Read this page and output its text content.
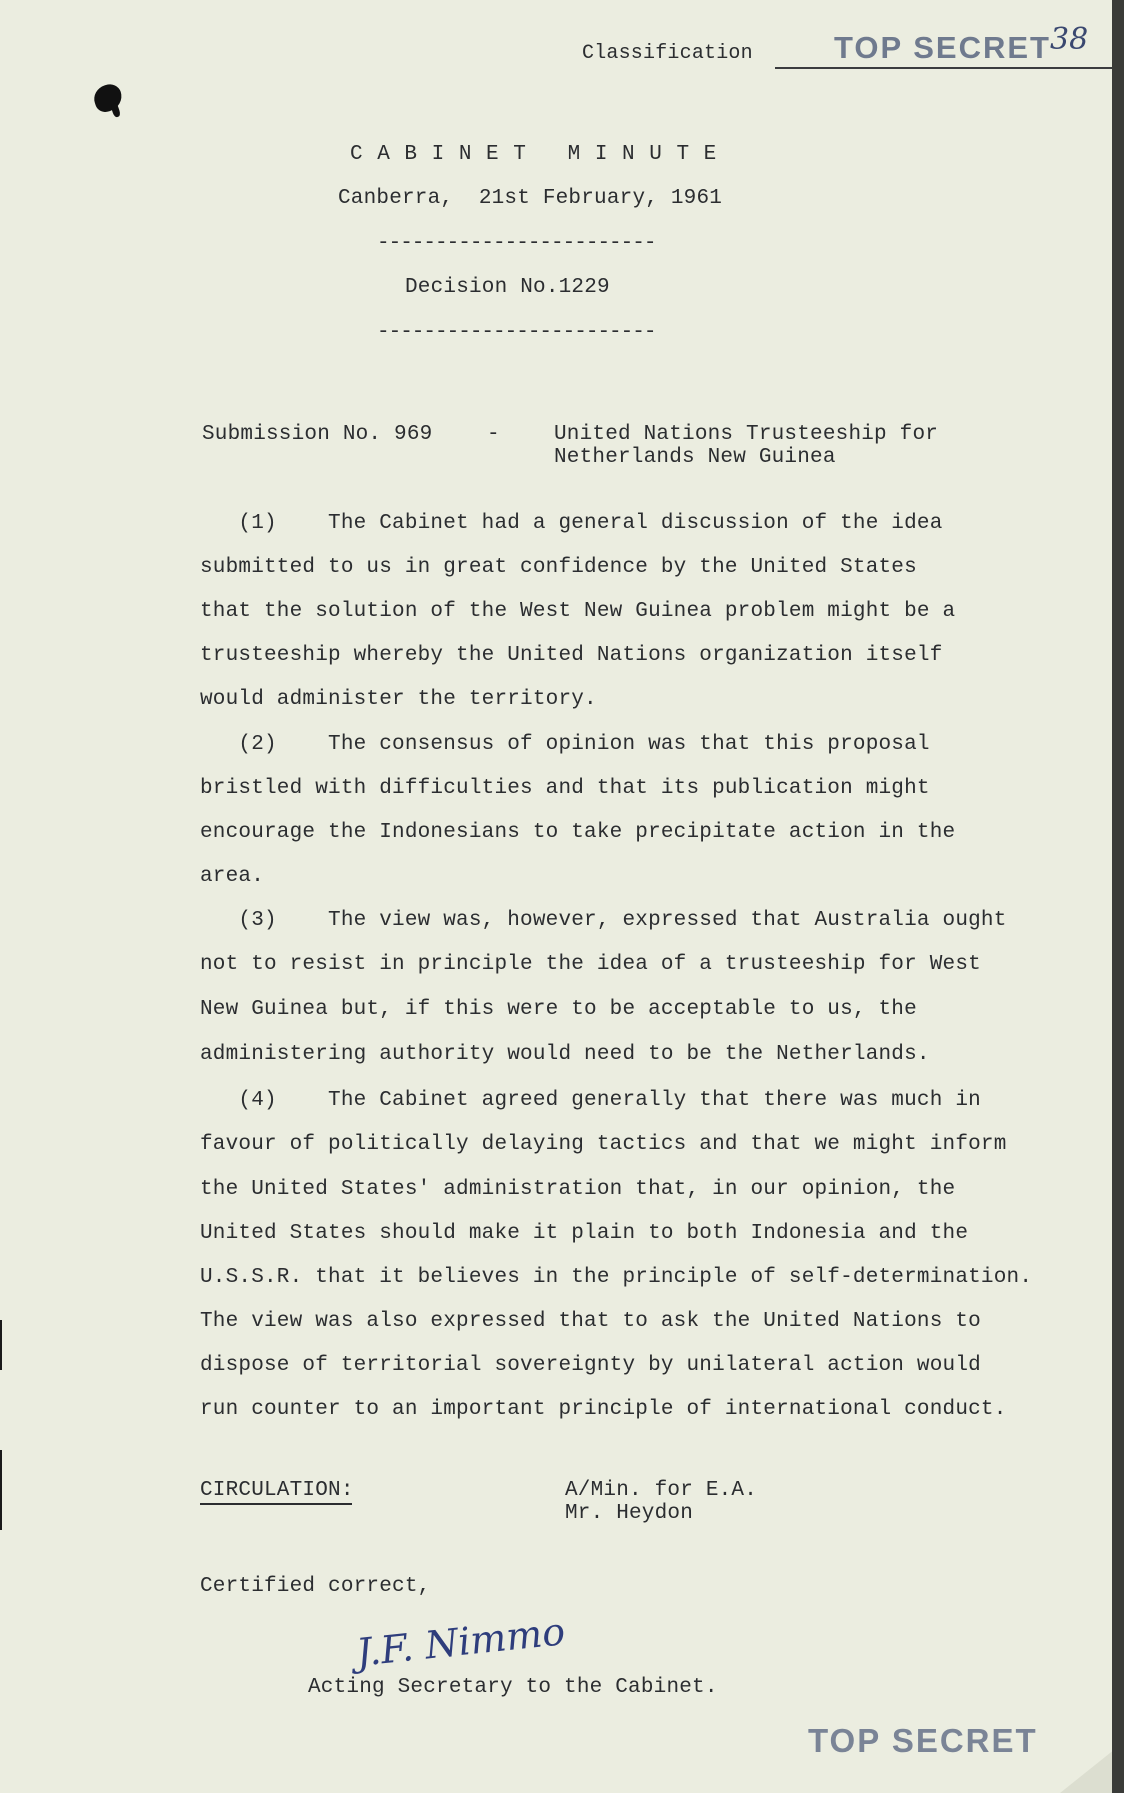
Classification	TOP SECRET 38
C A B I N E T   M I N U T E
Canberra,  21st February, 1961
------------------------
Decision No.1229
------------------------
Submission No. 969	-	United Nations Trusteeship for
Netherlands New Guinea
(1)    The Cabinet had a general discussion of the idea
submitted to us in great confidence by the United States
that the solution of the West New Guinea problem might be a
trusteeship whereby the United Nations organization itself
would administer the territory.
(2)    The consensus of opinion was that this proposal
bristled with difficulties and that its publication might
encourage the Indonesians to take precipitate action in the
area.
(3)    The view was, however, expressed that Australia ought
not to resist in principle the idea of a trusteeship for West
New Guinea but, if this were to be acceptable to us, the
administering authority would need to be the Netherlands.
(4)    The Cabinet agreed generally that there was much in
favour of politically delaying tactics and that we might inform
the United States' administration that, in our opinion, the
United States should make it plain to both Indonesia and the
U.S.S.R. that it believes in the principle of self-determination.
The view was also expressed that to ask the United Nations to
dispose of territorial sovereignty by unilateral action would
run counter to an important principle of international conduct.
CIRCULATION:	A/Min. for E.A.
Mr. Heydon
Certified correct,
J.F. Nimmo
Acting Secretary to the Cabinet.
TOP SECRET
